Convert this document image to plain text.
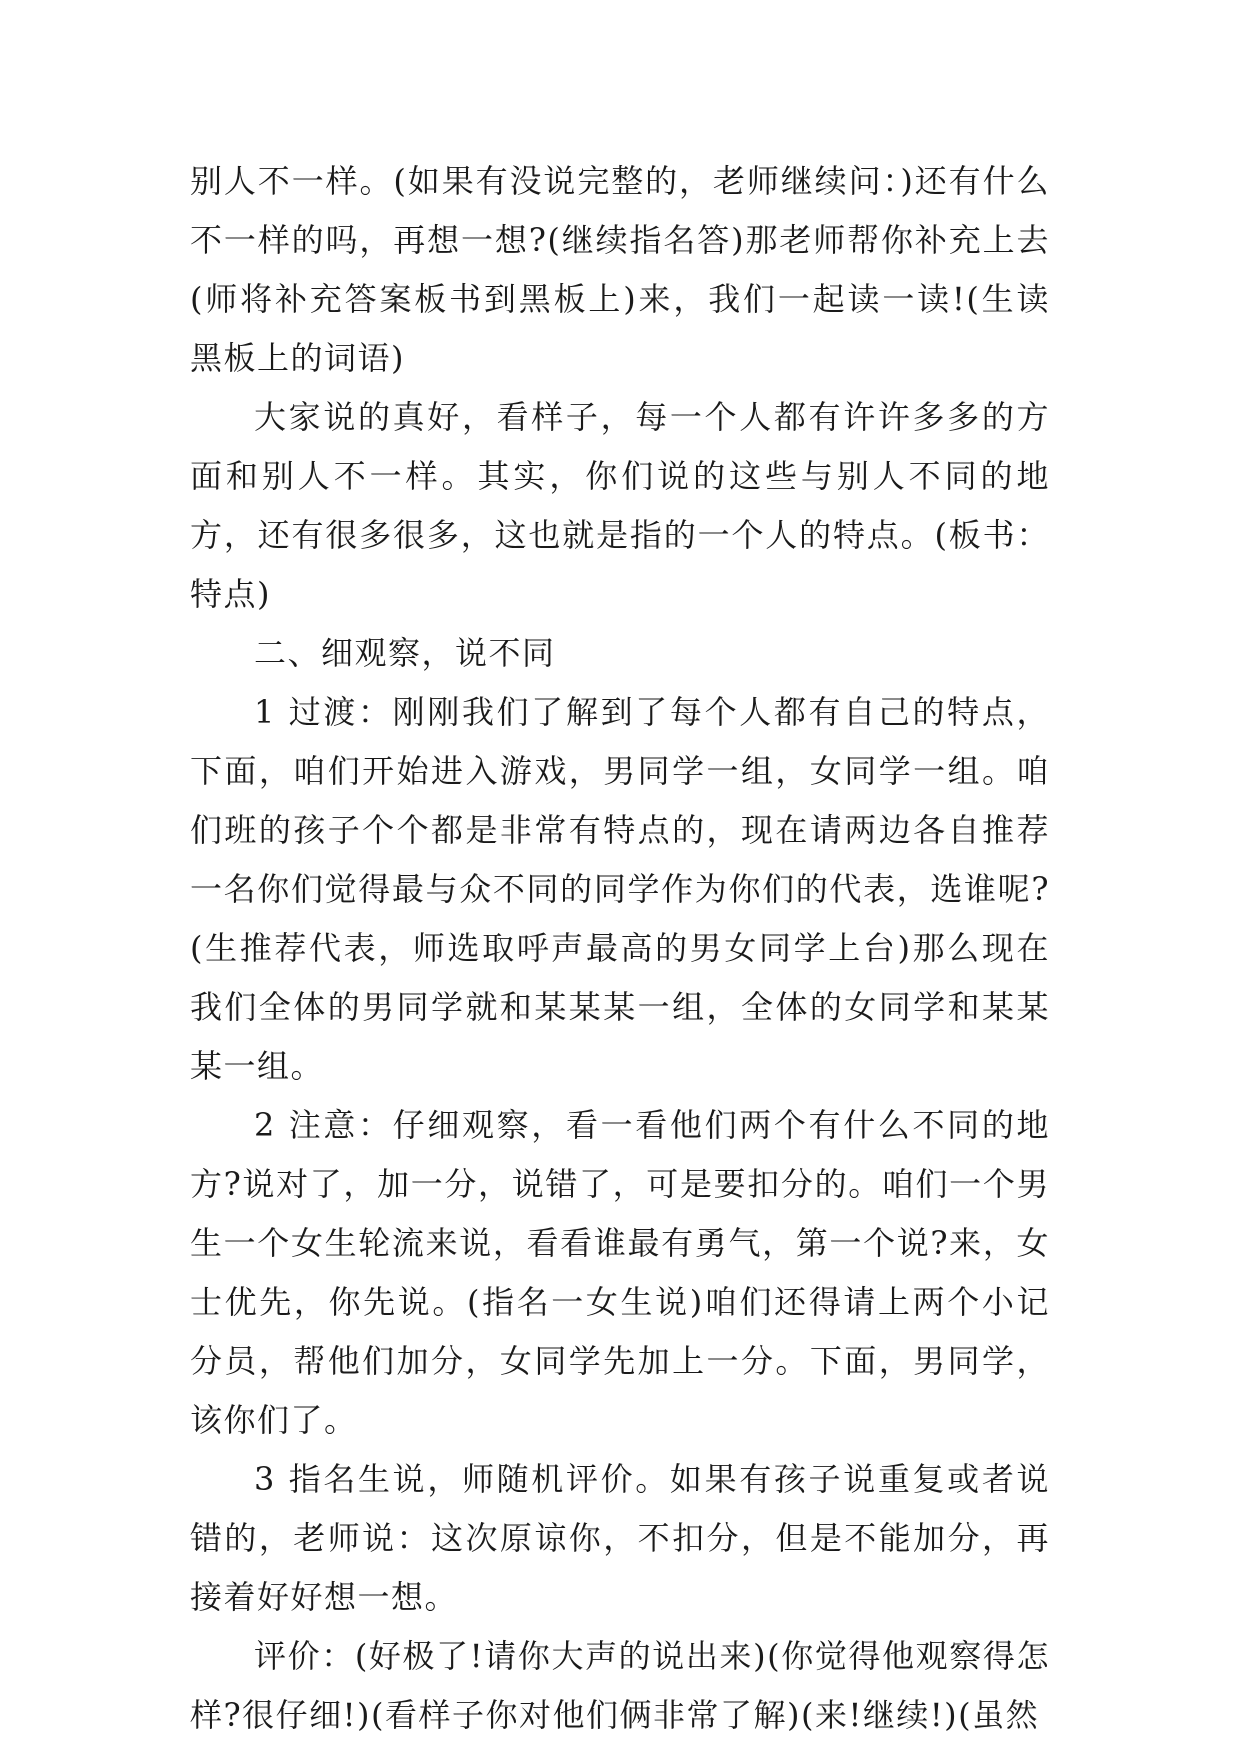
别人不一样。(如果有没说完整的，老师继续问：)还有什么不一样的吗，再想一想?(继续指名答)那老师帮你补充上去(师将补充答案板书到黑板上)来，我们一起读一读!(生读黑板上的词语)

大家说的真好，看样子，每一个人都有许许多多的方面和别人不一样。其实，你们说的这些与别人不同的地方，还有很多很多，这也就是指的一个人的特点。(板书：特点)

二、细观察，说不同

1 过渡：刚刚我们了解到了每个人都有自己的特点，下面，咱们开始进入游戏，男同学一组，女同学一组。咱们班的孩子个个都是非常有特点的，现在请两边各自推荐一名你们觉得最与众不同的同学作为你们的代表，选谁呢?(生推荐代表，师选取呼声最高的男女同学上台)那么现在我们全体的男同学就和某某某一组，全体的女同学和某某某一组。

2 注意：仔细观察，看一看他们两个有什么不同的地方?说对了，加一分，说错了，可是要扣分的。咱们一个男生一个女生轮流来说，看看谁最有勇气，第一个说?来，女士优先，你先说。(指名一女生说)咱们还得请上两个小记分员，帮他们加分，女同学先加上一分。下面，男同学，该你们了。

3 指名生说，师随机评价。如果有孩子说重复或者说错的，老师说：这次原谅你，不扣分，但是不能加分，再接着好好想一想。

评价：(好极了!请你大声的说出来)(你觉得他观察得怎样?很仔细!)(看样子你对他们俩非常了解)(来!继续!)(虽然
